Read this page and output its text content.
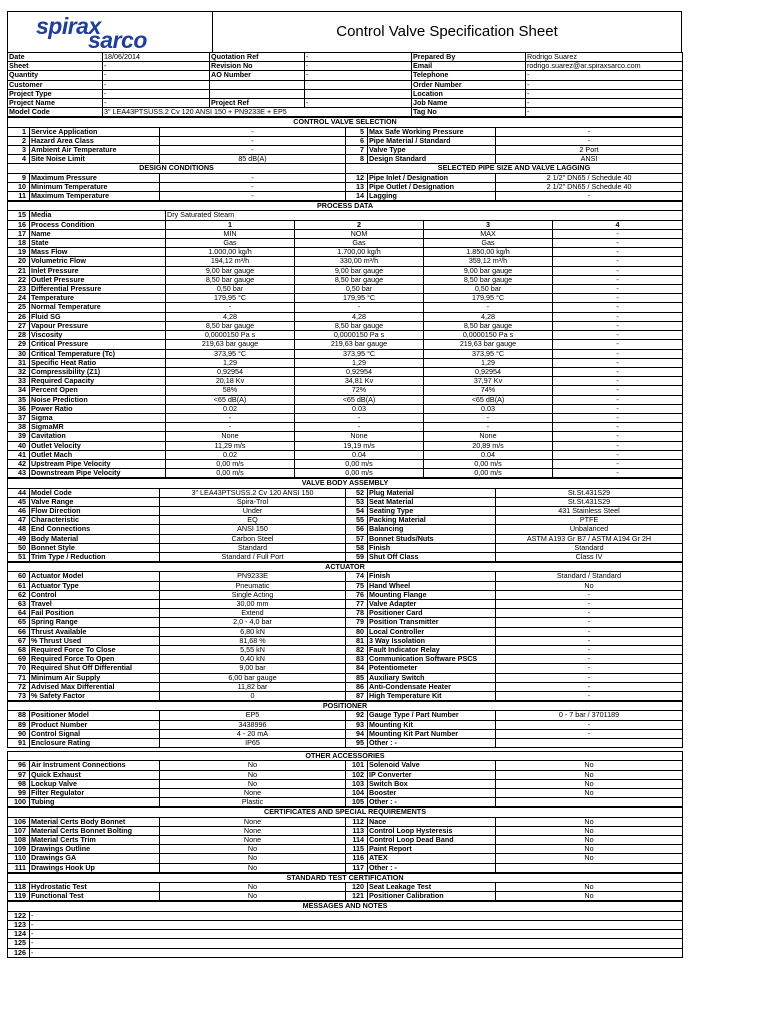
spirax
sarco	Control Valve Specification Sheet
Date	18/06/2014	Quotation Ref	-	Prepared By	Rodrigo Suarez
Sheet	-	Revision No	-	Email	rodrigo.suarez@ar.spiraxsarco.com
Quantity	-	AO Number	-	Telephone	-
Customer	-			Order Number	-
Project Type	-			Location	-
Project Name	-	Project Ref	-	Job Name	-
Model Code	3" LEA43PTSUSS.2 Cv 120 ANSI 150 + PN9233E + EP5			Tag No	-
CONTROL VALVE SELECTION					
1	Service Application	-	5	Max Safe Working Pressure	-
2	Hazard Area Class	-	6	Pipe Material / Standard	-
3	Ambient Air Temperature	-	7	Valve Type	2 Port
4	Site Noise Limit	85 dB(A)	8	Design Standard	ANSI
DESIGN CONDITIONS			SELECTED PIPE SIZE AND VALVE LAGGING		
9	Maximum Pressure	-	12	Pipe Inlet / Designation	2 1/2" DN65 / Schedule 40
10	Minimum Temperature	-	13	Pipe Outlet / Designation	2 1/2" DN65 / Schedule 40
11	Maximum Temperature	-	14	Lagging	-
PROCESS DATA					
15	Media	Dry Saturated Steam			
16	Process Condition	1	2	3	4
17	Name	MIN	NOM	MAX	-
18	State	Gas	Gas	Gas	-
19	Mass Flow	1.000,00 kg/h	1.700,00 kg/h	1.850,00 kg/h	-
20	Volumetric Flow	194,12 m³/h	330,00 m³/h	359,12 m³/h	-
21	Inlet Pressure	9,00 bar gauge	9,00 bar gauge	9,00 bar gauge	-
22	Outlet Pressure	8,50 bar gauge	8,50 bar gauge	8,50 bar gauge	-
23	Differential Pressure	0,50 bar	0,50 bar	0,50 bar	-
24	Temperature	179,95 °C	179,95 °C	179,95 °C	-
25	Normal Temperature	-	-	-	-
26	Fluid SG	4,28	4,28	4,28	-
27	Vapour Pressure	8,50 bar gauge	8,50 bar gauge	8,50 bar gauge	-
28	Viscosity	0,0000150 Pa s	0,0000150 Pa s	0,0000150 Pa s	-
29	Critical Pressure	219,63 bar gauge	219,63 bar gauge	219,63 bar gauge	-
30	Critical Temperature (Tc)	373,95 °C	373,95 °C	373,95 °C	-
31	Specific Heat Ratio	1,29	1,29	1,29	-
32	Compressibility (Z1)	0,92954	0,92954	0,92954	-
33	Required Capacity	20,18 Kv	34,81 Kv	37,97 Kv	-
34	Percent Open	58%	72%	74%	-
35	Noise Prediction	<65 dB(A)	<65 dB(A)	<65 dB(A)	-
36	Power Ratio	0.02	0.03	0.03	-
37	Sigma	-	-	-	-
38	SigmaMR	-	-	-	-
39	Cavitation	None	None	None	-
40	Outlet Velocity	11,29 m/s	19,19 m/s	20,89 m/s	-
41	Outlet Mach	0.02	0.04	0.04	-
42	Upstream Pipe Velocity	0,00 m/s	0,00 m/s	0,00 m/s	-
43	Downstream Pipe Velocity	0,00 m/s	0,00 m/s	0,00 m/s	-
VALVE BODY ASSEMBLY					
44	Model Code	3" LEA43PTSUSS.2 Cv 120 ANSI 150	52	Plug Material	St.St.431S29
45	Valve Range	Spira-Trol	53	Seat Material	St.St.431S29
46	Flow Direction	Under	54	Seating Type	431 Stainless Steel
47	Characteristic	EQ	55	Packing Material	PTFE
48	End Connections	ANSI 150	56	Balancing	Unbalanced
49	Body Material	Carbon Steel	57	Bonnet Studs/Nuts	ASTM A193 Gr B7 / ASTM A194 Gr 2H
50	Bonnet Style	Standard	58	Finish	Standard
51	Trim Type / Reduction	Standard / Full Port	59	Shut Off Class	Class IV
ACTUATOR					
60	Actuator Model	PN9233E	74	Finish	Standard / Standard
61	Actuator Type	Pneumatic	75	Hand Wheel	No
62	Control	Single Acting	76	Mounting Flange	-
63	Travel	30,00 mm	77	Valve Adapter	-
64	Fail Position	Extend	78	Positioner Card	-
65	Spring Range	2,0 - 4,0 bar	79	Position Transmitter	-
66	Thrust Available	6,80 kN	80	Local Controller	-
67	% Thrust Used	81,68 %	81	3 Way Issolation	-
68	Required Force To Close	5,55 kN	82	Fault Indicator Relay	-
69	Required Force To Open	0,40 kN	83	Communication Software PSCS	-
70	Required Shut Off Differential	9,00 bar	84	Potentiometer	-
71	Minimum Air Supply	6,00 bar gauge	85	Auxiliary Switch	-
72	Advised Max Differential	11,82 bar	86	Anti-Condensate Heater	-
73	% Safety Factor	0	87	High Temperature Kit	-
POSITIONER					
88	Positioner Model	EP5	92	Gauge Type / Part Number	0 - 7 bar / 3701189
89	Product Number	3438996	93	Mounting Kit	-
90	Control Signal	4 - 20 mA	94	Mounting Kit Part Number	-
91	Enclosure Rating	IP65	95	Other : -	
OTHER ACCESSORIES					
96	Air Instrument Connections	No	101	Solenoid Valve	No
97	Quick Exhaust	No	102	IP Converter	No
98	Lockup Valve	No	103	Switch Box	No
99	Filter Regulator	None	104	Booster	No
100	Tubing	Plastic	105	Other : -	
CERTIFICATES AND SPECIAL REQUIREMENTS					
106	Material Certs Body Bonnet	None	112	Nace	No
107	Material Certs Bonnet Bolting	None	113	Control Loop Hysteresis	No
108	Material Certs Trim	None	114	Control Loop Dead Band	No
109	Drawings Outline	No	115	Paint Report	No
110	Drawings GA	No	116	ATEX	No
111	Drawings Hook Up	No	117	Other : -	
STANDARD TEST CERTIFICATION					
118	Hydrostatic Test	No	120	Seat Leakage Test	No
119	Functional Test	No	121	Positioner Calibration	No
MESSAGES AND NOTES	
122	-
123	-
124	-
125	-
126	-
